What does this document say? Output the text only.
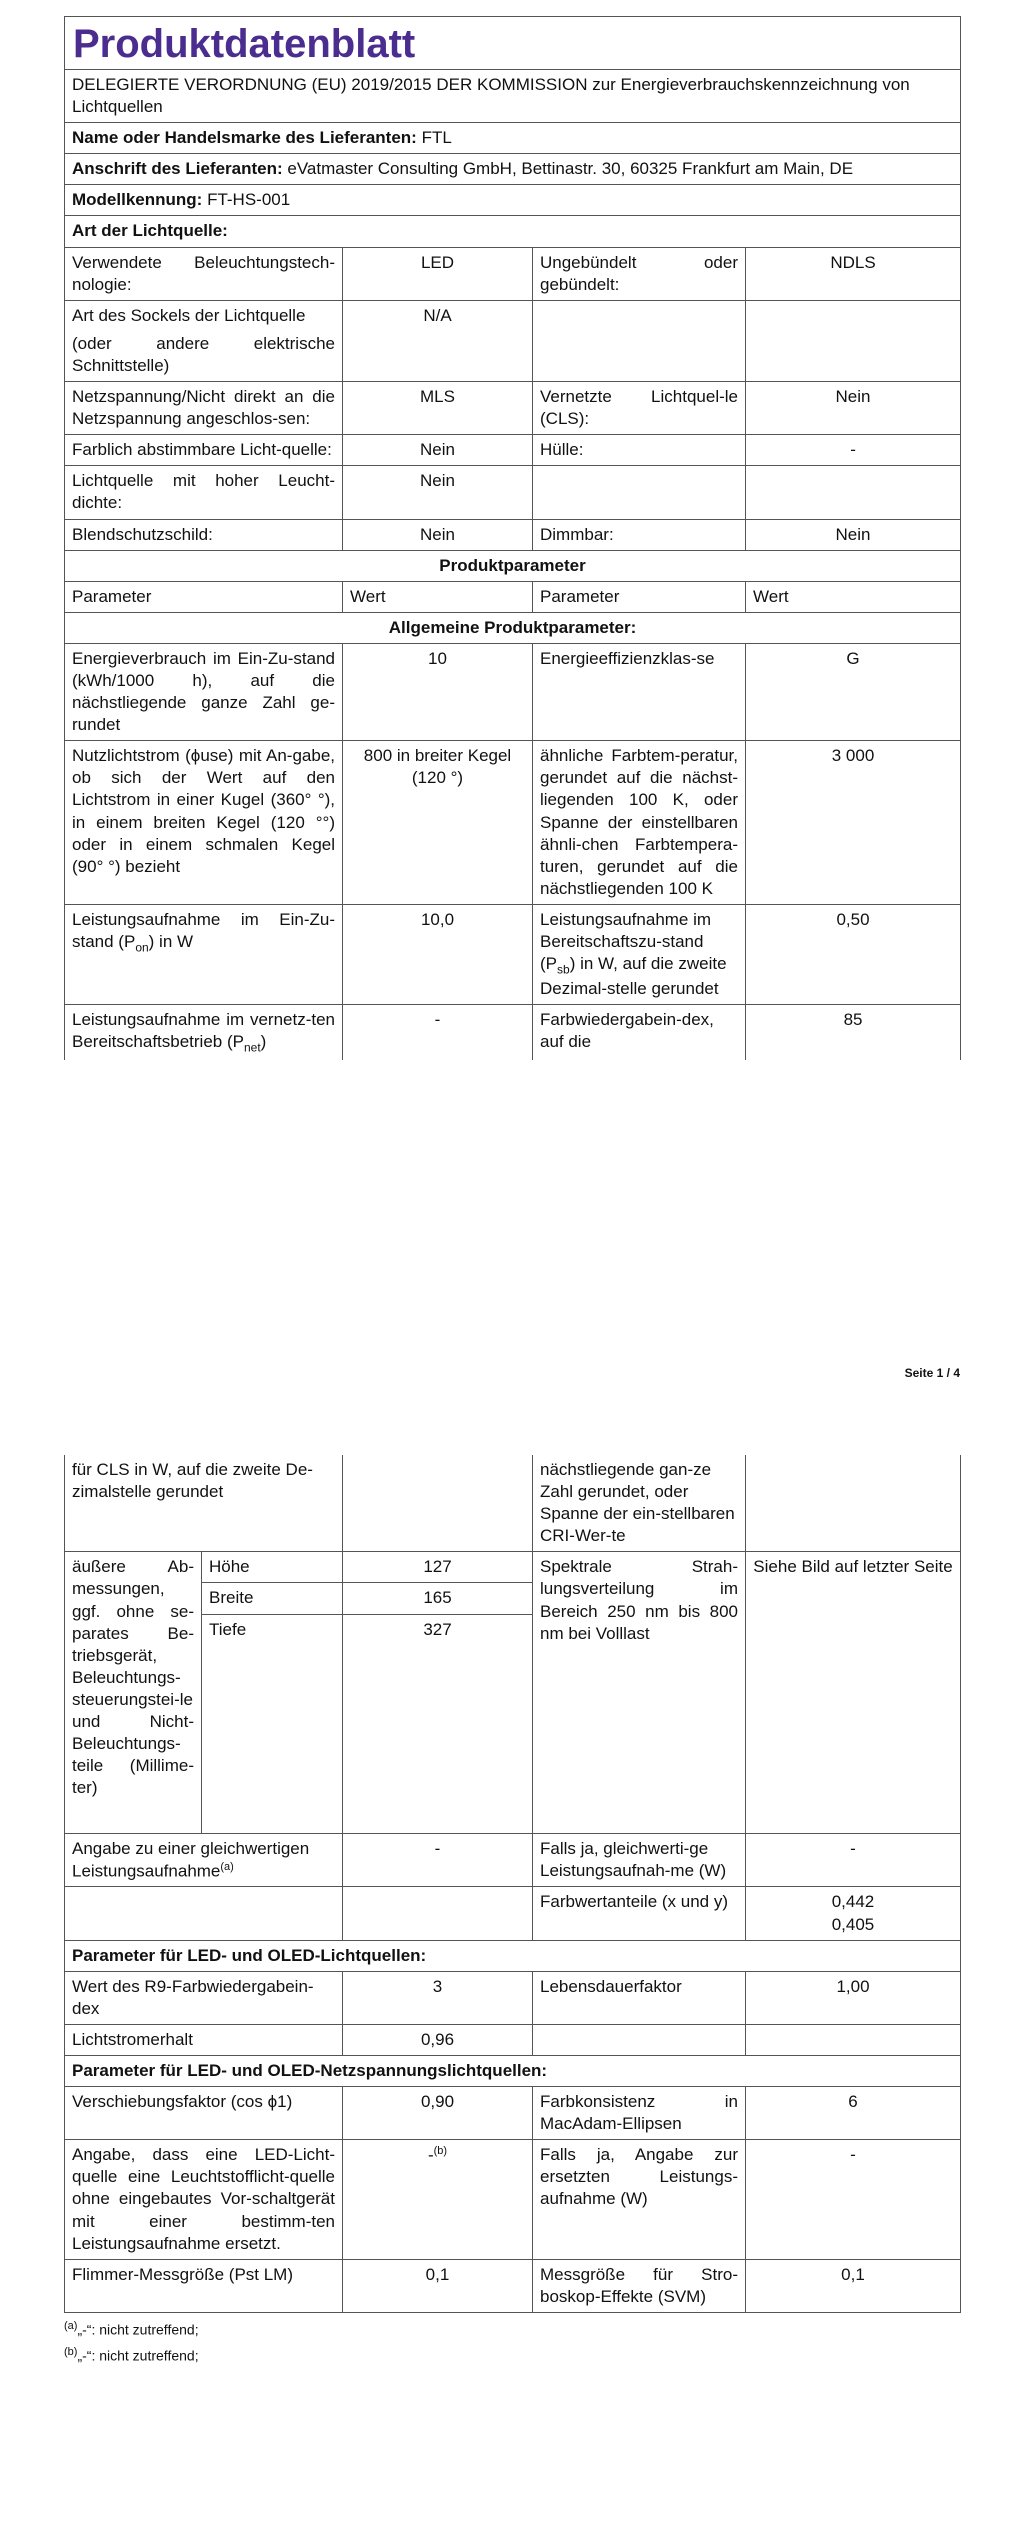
Produktdatenblatt			
DELEGIERTE VERORDNUNG (EU) 2019/2015 DER KOMMISSION zur Energieverbrauchskennzeichnung von Lichtquellen			
Name oder Handelsmarke des Lieferanten: FTL			
Anschrift des Lieferanten: eVatmaster Consulting GmbH, Bettinastr. 30, 60325 Frankfurt am Main, DE			
Modellkennung: FT-HS-001			
Art der Lichtquelle:			
Verwendete Beleuchtungstech-nologie:	LED	Ungebündelt oder gebündelt:	NDLS

Art des Sockels der Lichtquelle
(oder andere elektrische Schnittstelle)	N/A		
Netzspannung/Nicht direkt an die Netzspannung angeschlos-sen:	MLS	Vernetzte Lichtquel-le (CLS):	Nein
Farblich abstimmbare Licht-quelle:	Nein	Hülle:	-
Lichtquelle mit hoher Leucht-dichte:	Nein		
Blendschutzschild:	Nein	Dimmbar:	Nein
Produktparameter			
Parameter	Wert	Parameter	Wert
Allgemeine Produktparameter:			
Energieverbrauch im Ein-Zu-stand (kWh/1000 h), auf die nächstliegende ganze Zahl ge-rundet	10	Energieeffizienzklas-se	G
Nutzlichtstrom (ϕuse) mit An-gabe, ob sich der Wert auf den Lichtstrom in einer Kugel (360° °), in einem breiten Kegel (120 °°) oder in einem schmalen Kegel (90° °) bezieht	800 in breiter Kegel (120 °)	ähnliche Farbtem-peratur, gerundet auf die nächst-liegenden 100 K, oder Spanne der einstellbaren ähnli-chen Farbtempera-turen, gerundet auf die nächstliegenden 100 K	3 000
Leistungsaufnahme im Ein-Zu-stand $(P_{on})$ in W	10,0	Leistungsaufnahme im Bereitschaftszu-stand $(P_{sb})$ in W, auf die zweite Dezimal-stelle gerundet	0,50
Leistungsaufnahme im vernetz-ten Bereitschaftsbetrieb $(P_{net})$	-	Farbwiedergabein-dex, auf die	85
Seite 1 / 4
für CLS in W, auf die zweite De-zimalstelle gerundet			nächstliegende gan-ze Zahl gerundet, oder Spanne der ein-stellbaren CRI-Wer-te	
äußere Ab-messungen, ggf. ohne se-parates Be-triebsgerät, Beleuchtungs-steuerungstei-le und Nicht-Beleuchtungs-teile (Millime-ter)	Höhe	127	Spektrale Strah-lungsverteilung im Bereich 250 nm bis 800 nm bei Volllast	Siehe Bild auf letzter Seite
	Breite	165		
	Tiefe	327		
Angabe zu einer gleichwertigen Leistungsaufnahme$^{(a)}$		-	Falls ja, gleichwerti-ge Leistungsaufnah-me (W)	-
			Farbwertanteile (x und y)	0,442
0,405

Parameter für LED- und OLED-Lichtquellen:				
Wert des R9-Farbwiedergabein-dex		3	Lebensdauerfaktor	1,00
Lichtstromerhalt		0,96		
Parameter für LED- und OLED-Netzspannungslichtquellen:				
Verschiebungsfaktor (cos ϕ1)		0,90	Farbkonsistenz in MacAdam-Ellipsen	6
Angabe, dass eine LED-Licht-quelle eine Leuchtstofflicht-quelle ohne eingebautes Vor-schaltgerät mit einer bestimm-ten Leistungsaufnahme ersetzt.		-$^{(b)}$	Falls ja, Angabe zur ersetzten Leistungs-aufnahme (W)	-
Flimmer-Messgröße (Pst LM)		0,1	Messgröße für Stro-boskop-Effekte (SVM)	0,1
$^{(a)}$„-“: nicht zutreffend;
$^{(b)}$„-“: nicht zutreffend;
